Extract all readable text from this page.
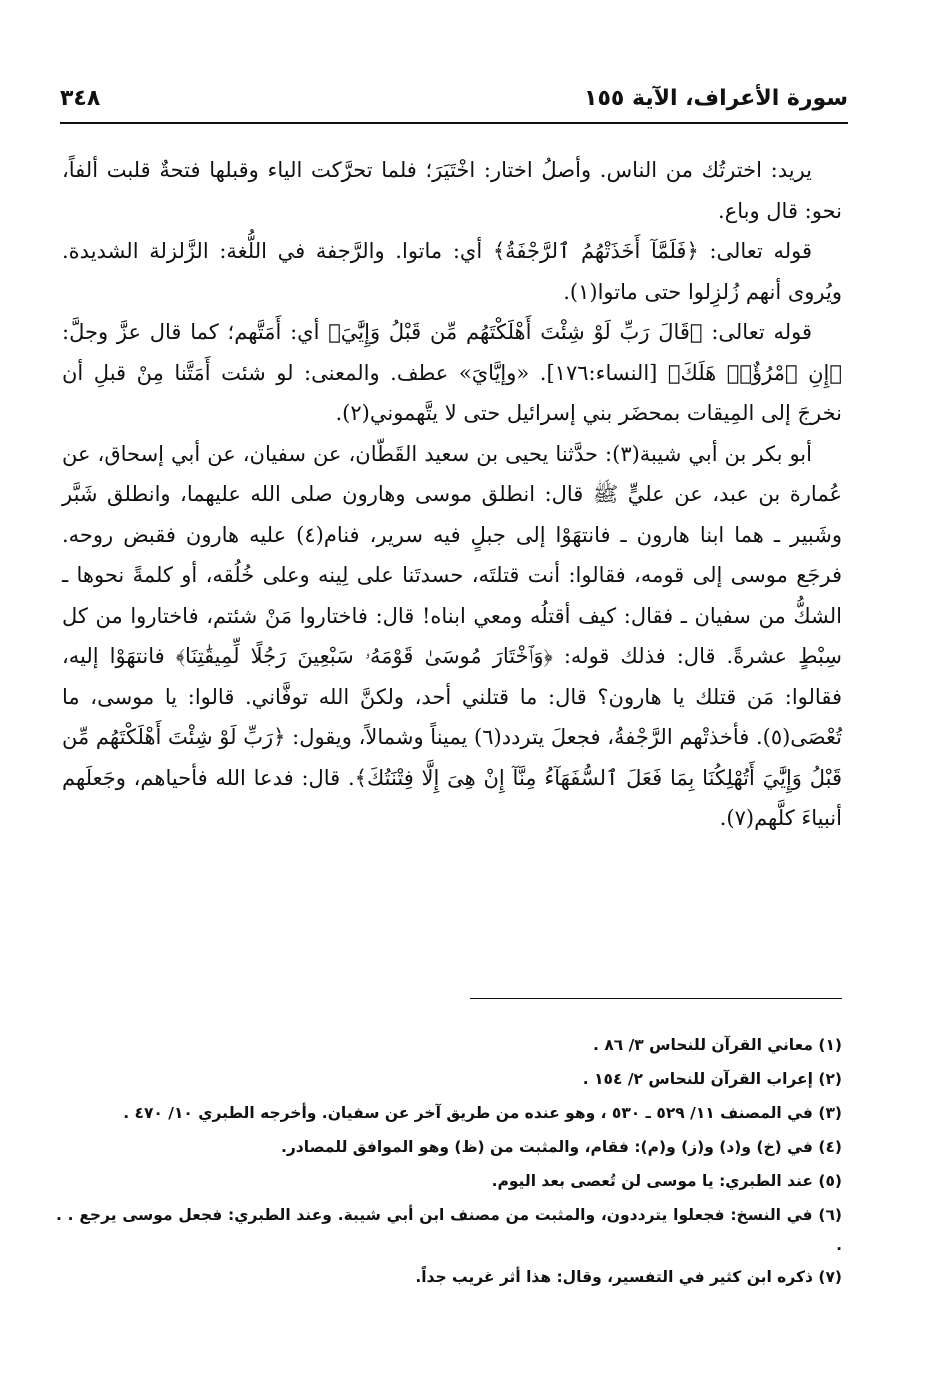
سورة الأعراف، الآية ١٥٥
٣٤٨

يريد: اخترتُك من الناس. وأصلُ اختار: اخْتَيَرَ؛ فلما تحرَّكت الياء وقبلها فتحةٌ قلبت ألفاً، نحو: قال وباع.

قوله تعالى: ﴿فَلَمَّآ أَخَذَتْهُمُ ٱلرَّجْفَةُ﴾ أي: ماتوا. والرَّجفة في اللُّغة: الزَّلزلة الشديدة. ويُروى أنهم زُلزِلوا حتى ماتوا(١).

قوله تعالى: ﴿قَالَ رَبِّ لَوْ شِئْتَ أَهْلَكْتَهُم مِّن قَبْلُ وَإِيَّٰيَ﴾ أي: أَمَتَّهم؛ كما قال عزَّ وجلَّ: ﴿إِنِ ٱمْرُؤٌا۟ هَلَكَ﴾ [النساء:١٧٦]. «وإيَّايَ» عطف. والمعنى: لو شئت أَمَتَّنا مِنْ قبلِ أن نخرجَ إلى المِيقات بمحضَر بني إسرائيل حتى لا يتَّهموني(٢).

أبو بكر بن أبي شيبة(٣): حدَّثنا يحيى بن سعيد القَطّان، عن سفيان، عن أبي إسحاق، عن عُمارة بن عبد، عن عليٍّ ﷺ قال: انطلق موسى وهارون صلى الله عليهما، وانطلق شَبَّر وشَبير ـ هما ابنا هارون ـ فانتهَوْا إلى جبلٍ فيه سرير، فنام(٤) عليه هارون فقبض روحه. فرجَع موسى إلى قومه، فقالوا: أنت قتلتَه، حسدتَنا على لِينه وعلى خُلُقه، أو كلمةً نحوها ـ الشكُّ من سفيان ـ فقال: كيف أقتلُه ومعي ابناه! قال: فاختاروا مَنْ شئتم، فاختاروا من كل سِبْطٍ عشرةً. قال: فذلك قوله: ﴿وَٱخْتَارَ مُوسَىٰ قَوْمَهُۥ سَبْعِينَ رَجُلًا لِّمِيقَٰتِنَا﴾ فانتهَوْا إليه، فقالوا: مَن قتلك يا هارون؟ قال: ما قتلني أحد، ولكنَّ الله توفَّاني. قالوا: يا موسى، ما تُعْصَى(٥). فأخذتْهم الرَّجْفةُ، فجعلَ يتردد(٦) يميناً وشمالاً، ويقول: ﴿رَبِّ لَوْ شِئْتَ أَهْلَكْتَهُم مِّن قَبْلُ وَإِيَّٰيَ أَتُهْلِكُنَا بِمَا فَعَلَ ٱلسُّفَهَآءُ مِنَّآ إِنْ هِىَ إِلَّا فِتْنَتُكَ﴾. قال: فدعا الله فأحياهم، وجَعلَهم أنبياءَ كلَّهم(٧).

(١) معاني القرآن للنحاس ٣/ ٨٦ .

(٢) إعراب القرآن للنحاس ٢/ ١٥٤ .

(٣) في المصنف ١١/ ٥٢٩ ـ ٥٣٠ ، وهو عنده من طريق آخر عن سفيان. وأخرجه الطبري ١٠/ ٤٧٠ .

(٤) في (خ) و(د) و(ز) و(م): فقام، والمثبت من (ظ) وهو الموافق للمصادر.

(٥) عند الطبري: يا موسى لن تُعصى بعد اليوم.

(٦) في النسخ: فجعلوا يترددون، والمثبت من مصنف ابن أبي شيبة. وعند الطبري: فجعل موسى يرجع . . .

(٧) ذكره ابن كثير في التفسير، وقال: هذا أثر غريب جداً.
